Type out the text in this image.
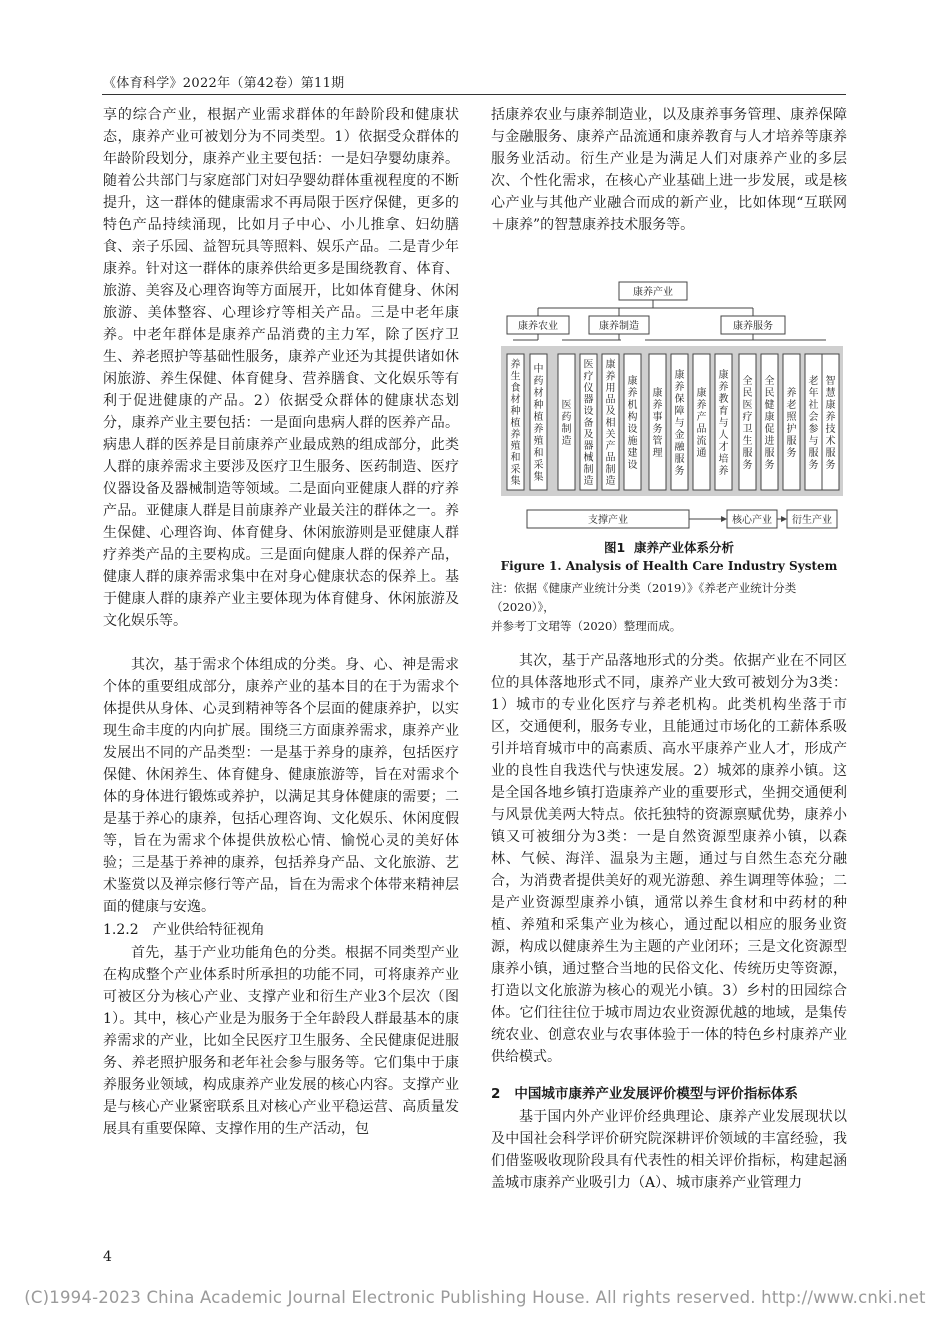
《体育科学》2022年（第42卷）第11期

享的综合产业，根据产业需求群体的年龄阶段和健康状态，康养产业可被划分为不同类型。1）依据受众群体的年龄阶段划分，康养产业主要包括：一是妇孕婴幼康养。随着公共部门与家庭部门对妇孕婴幼群体重视程度的不断提升，这一群体的健康需求不再局限于医疗保健，更多的特色产品持续涌现，比如月子中心、小儿推拿、妇幼膳食、亲子乐园、益智玩具等照料、娱乐产品。二是青少年康养。针对这一群体的康养供给更多是围绕教育、体育、旅游、美容及心理咨询等方面展开，比如体育健身、休闲旅游、美体整容、心理诊疗等相关产品。三是中老年康养。中老年群体是康养产品消费的主力军，除了医疗卫生、养老照护等基础性服务，康养产业还为其提供诸如休闲旅游、养生保健、体育健身、营养膳食、文化娱乐等有利于促进健康的产品。2）依据受众群体的健康状态划分，康养产业主要包括：一是面向患病人群的医养产品。病患人群的医养是目前康养产业最成熟的组成部分，此类人群的康养需求主要涉及医疗卫生服务、医药制造、医疗仪器设备及器械制造等领域。二是面向亚健康人群的疗养产品。亚健康人群是目前康养产业最关注的群体之一。养生保健、心理咨询、体育健身、休闲旅游则是亚健康人群疗养类产品的主要构成。三是面向健康人群的保养产品，健康人群的康养需求集中在对身心健康状态的保养上。基于健康人群的康养产业主要体现为体育健身、休闲旅游及文化娱乐等。

其次，基于需求个体组成的分类。身、心、神是需求个体的重要组成部分，康养产业的基本目的在于为需求个体提供从身体、心灵到精神等各个层面的健康养护，以实现生命丰度的内向扩展。围绕三方面康养需求，康养产业发展出不同的产品类型：一是基于养身的康养，包括医疗保健、休闲养生、体育健身、健康旅游等，旨在对需求个体的身体进行锻炼或养护，以满足其身体健康的需要；二是基于养心的康养，包括心理咨询、文化娱乐、休闲度假等，旨在为需求个体提供放松心情、愉悦心灵的美好体验；三是基于养神的康养，包括养身产品、文化旅游、艺术鉴赏以及禅宗修行等产品，旨在为需求个体带来精神层面的健康与安逸。

1.2.2 产业供给特征视角

首先，基于产业功能角色的分类。根据不同类型产业在构成整个产业体系时所承担的功能不同，可将康养产业可被区分为核心产业、支撑产业和衍生产业3个层次（图1）。其中，核心产业是为服务于全年龄段人群最基本的康养需求的产业，比如全民医疗卫生服务、全民健康促进服务、养老照护服务和老年社会参与服务等。它们集中于康养服务业领域，构成康养产业发展的核心内容。支撑产业是与核心产业紧密联系且对核心产业平稳运营、高质量发展具有重要保障、支撑作用的生产活动，包

括康养农业与康养制造业，以及康养事务管理、康养保障与金融服务、康养产品流通和康养教育与人才培养等康养服务业活动。衍生产业是为满足人们对康养产业的多层次、个性化需求，在核心产业基础上进一步发展，或是核心产业与其他产业融合而成的新产业，比如体现“互联网＋康养”的智慧康养技术服务等。

康养产业
康养农业	康养制造	康养服务
养生食材种植养殖和采集
中药材种植养殖和采集
医药制造
医疗仪器设备及器械制造
康养用品及相关产品制造
康养机构设施建设
康养事务管理
康养保障与金融服务
康养产品流通
康养教育与人才培养
全民医疗卫生服务
全民健康促进服务
养老照护服务
老年社会参与服务
智慧康养技术服务
支撑产业	核心产业 衍生产业
图1 康养产业体系分析
Figure 1. Analysis of Health Care Industry System

注：依据《健康产业统计分类（2019）》《养老产业统计分类（2020）》，

并参考丁文珺等（2020）整理而成。

其次，基于产品落地形式的分类。依据产业在不同区位的具体落地形式不同，康养产业大致可被划分为3类：1）城市的专业化医疗与养老机构。此类机构坐落于市区，交通便利，服务专业，且能通过市场化的工薪体系吸引并培育城市中的高素质、高水平康养产业人才，形成产业的良性自我迭代与快速发展。2）城郊的康养小镇。这是全国各地乡镇打造康养产业的重要形式，坐拥交通便利与风景优美两大特点。依托独特的资源禀赋优势，康养小镇又可被细分为3类：一是自然资源型康养小镇，以森林、气候、海洋、温泉为主题，通过与自然生态充分融合，为消费者提供美好的观光游憩、养生调理等体验；二是产业资源型康养小镇，通常以养生食材和中药材的种植、养殖和采集产业为核心，通过配以相应的服务业资源，构成以健康养生为主题的产业闭环；三是文化资源型康养小镇，通过整合当地的民俗文化、传统历史等资源，打造以文化旅游为核心的观光小镇。3）乡村的田园综合体。它们往往位于城市周边农业资源优越的地域，是集传统农业、创意农业与农事体验于一体的特色乡村康养产业供给模式。

2 中国城市康养产业发展评价模型与评价指标体系

基于国内外产业评价经典理论、康养产业发展现状以及中国社会科学评价研究院深耕评价领域的丰富经验，我们借鉴吸收现阶段具有代表性的相关评价指标，构建起涵盖城市康养产业吸引力（A）、城市康养产业管理力

4
(C)1994-2023 China Academic Journal Electronic Publishing House. All rights reserved. http://www.cnki.net
